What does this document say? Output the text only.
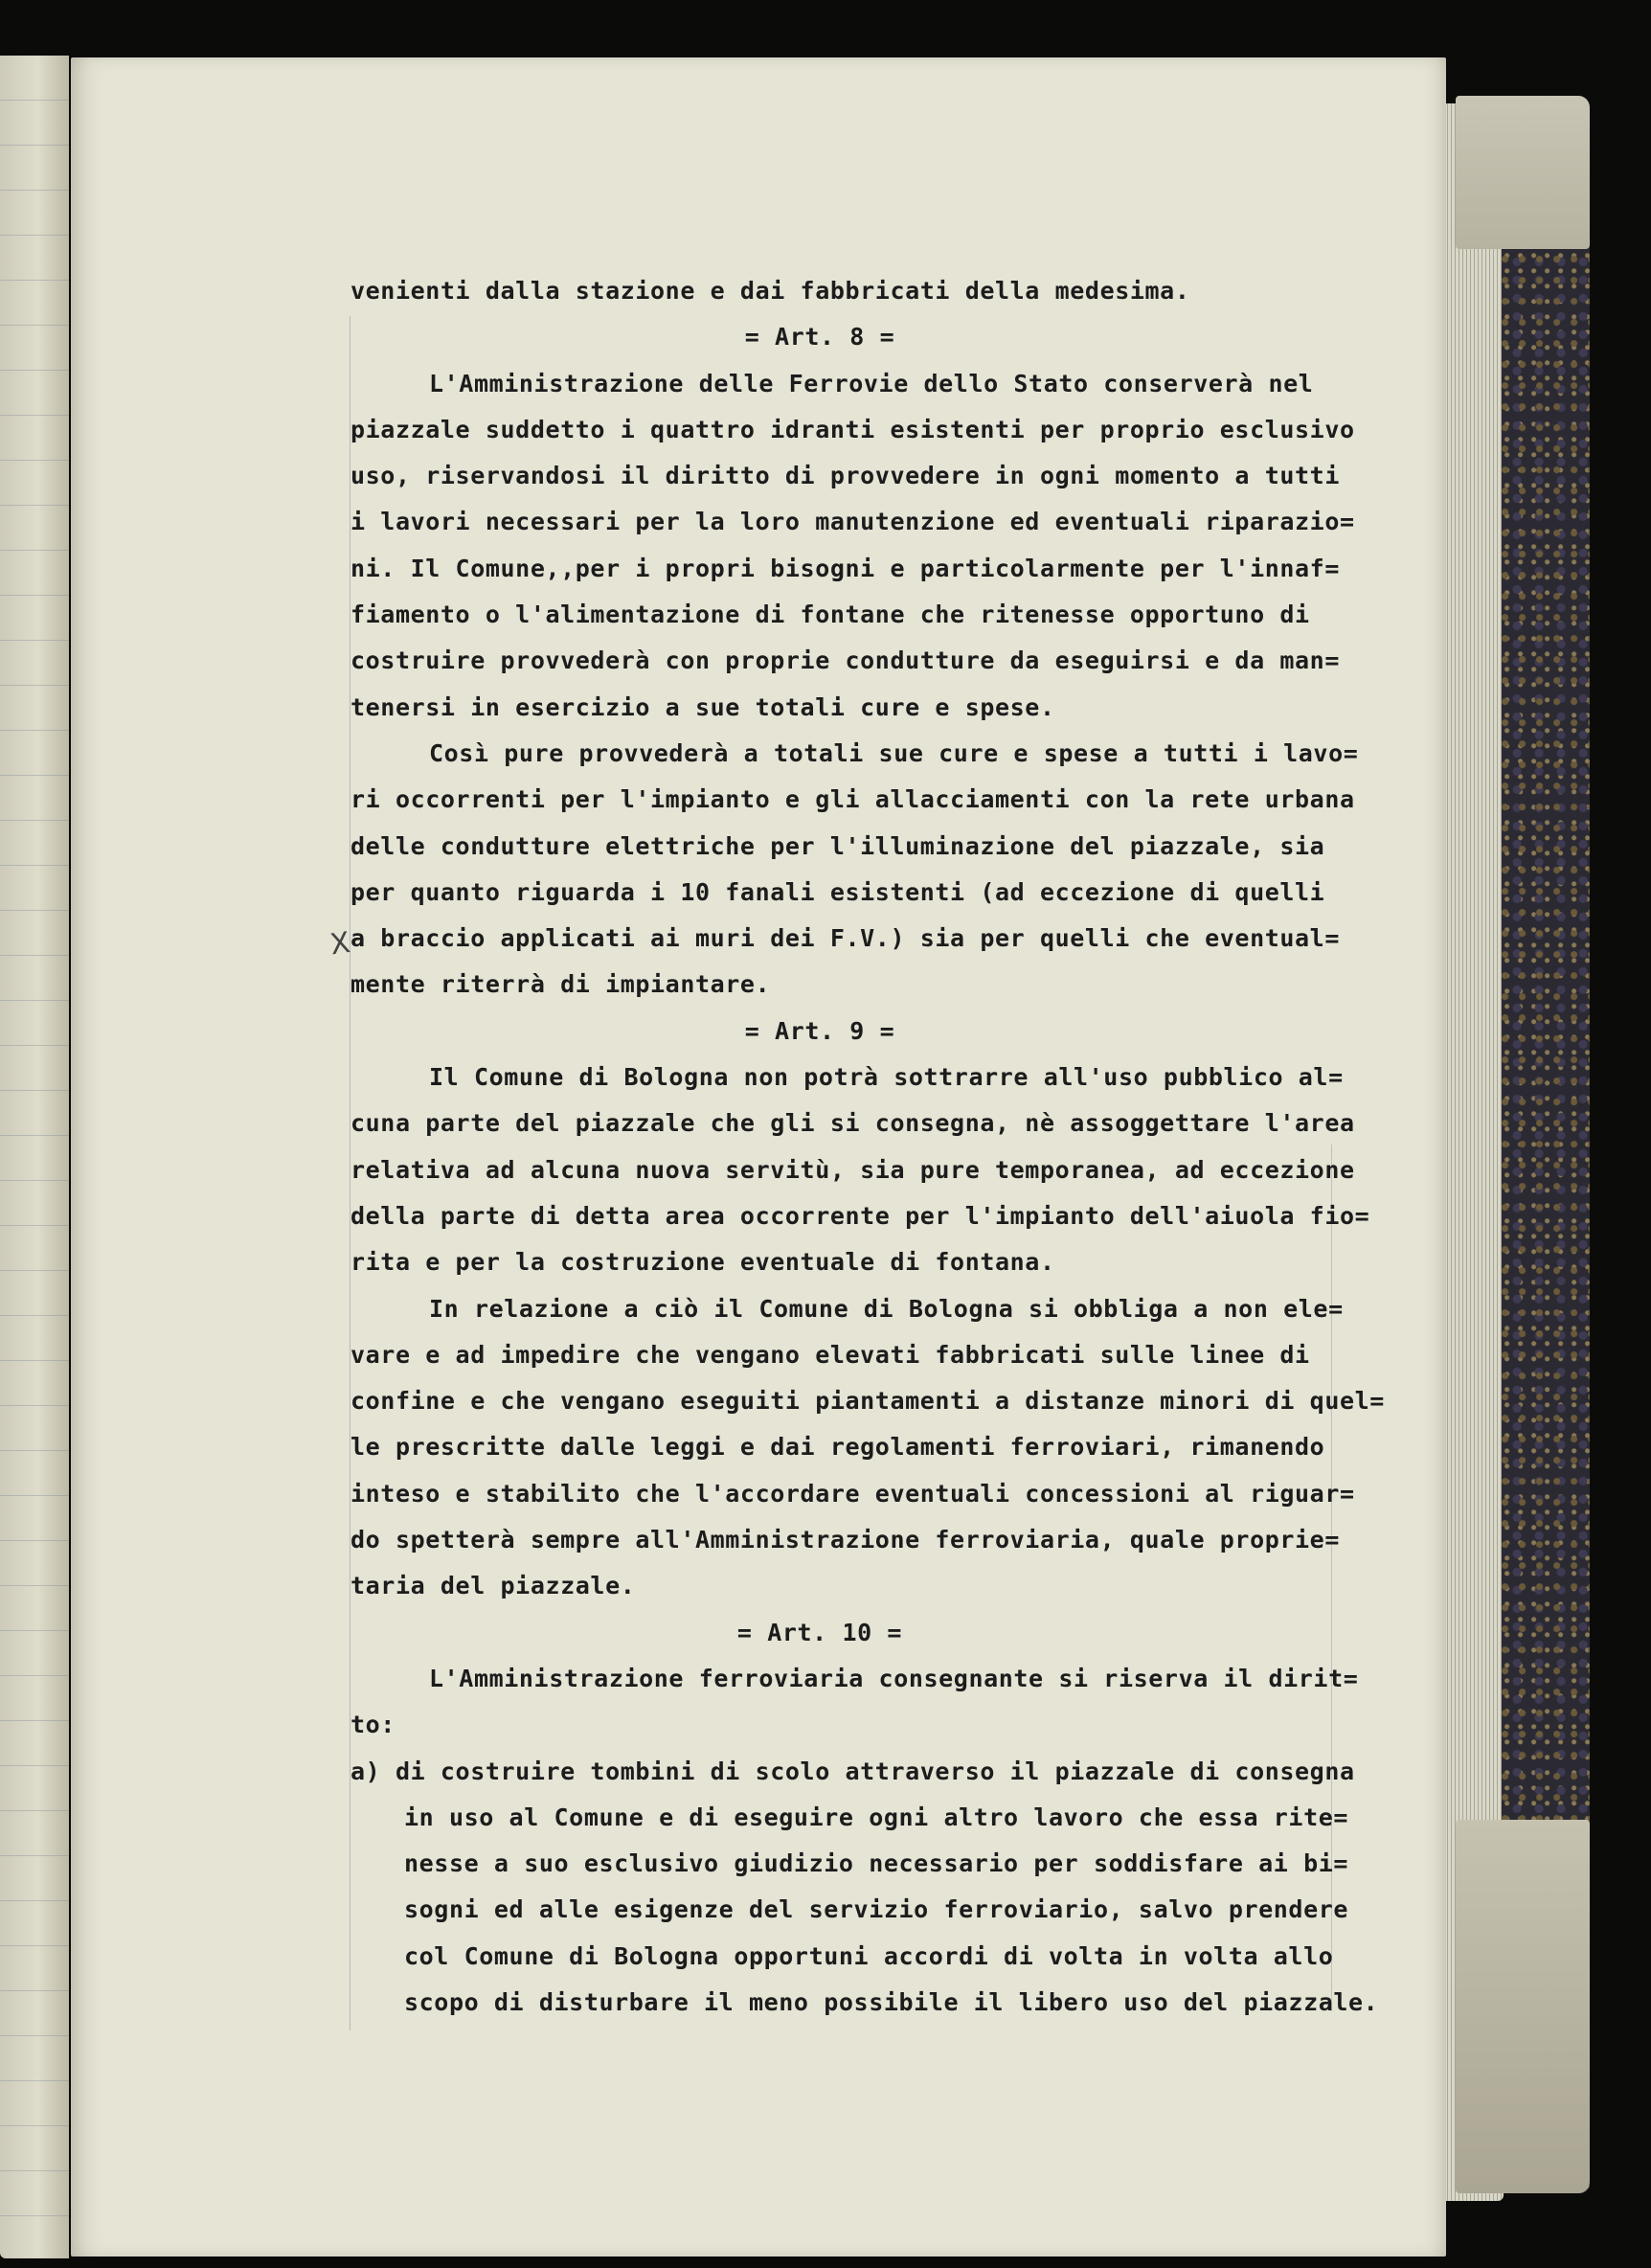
X
venienti dalla stazione e dai fabbricati della medesima.
= Art. 8 =
L'Amministrazione delle Ferrovie dello Stato conserverà nel
piazzale suddetto i quattro idranti esistenti per proprio esclusivo
uso, riservandosi il diritto di provvedere in ogni momento a tutti
i lavori necessari per la loro manutenzione ed eventuali riparazio=
ni. Il Comune,,per i propri bisogni e particolarmente per l'innaf=
fiamento o l'alimentazione di fontane che ritenesse opportuno di
costruire provvederà con proprie condutture da eseguirsi e da man=
tenersi in esercizio a sue totali cure e spese.
Così pure provvederà a totali sue cure e spese a tutti i lavo=
ri occorrenti per l'impianto e gli allacciamenti con la rete urbana
delle condutture elettriche per l'illuminazione del piazzale, sia
per quanto riguarda i 10 fanali esistenti (ad eccezione di quelli
a braccio applicati ai muri dei F.V.) sia per quelli che eventual=
mente riterrà di impiantare.
= Art. 9 =
Il Comune di Bologna non potrà sottrarre all'uso pubblico al=
cuna parte del piazzale che gli si consegna, nè assoggettare l'area
relativa ad alcuna nuova servitù, sia pure temporanea, ad eccezione
della parte di detta area occorrente per l'impianto dell'aiuola fio=
rita e per la costruzione eventuale di fontana.
In relazione a ciò il Comune di Bologna si obbliga a non ele=
vare e ad impedire che vengano elevati fabbricati sulle linee di
confine e che vengano eseguiti piantamenti a distanze minori di quel=
le prescritte dalle leggi e dai regolamenti ferroviari, rimanendo
inteso e stabilito che l'accordare eventuali concessioni al riguar=
do spetterà sempre all'Amministrazione ferroviaria, quale proprie=
taria del piazzale.
= Art. 10 =
L'Amministrazione ferroviaria consegnante si riserva il dirit=
to:
a) di costruire tombini di scolo attraverso il piazzale di consegna
in uso al Comune e di eseguire ogni altro lavoro che essa rite=
nesse a suo esclusivo giudizio necessario per soddisfare ai bi=
sogni ed alle esigenze del servizio ferroviario, salvo prendere
col Comune di Bologna opportuni accordi di volta in volta allo
scopo di disturbare il meno possibile il libero uso del piazzale.
